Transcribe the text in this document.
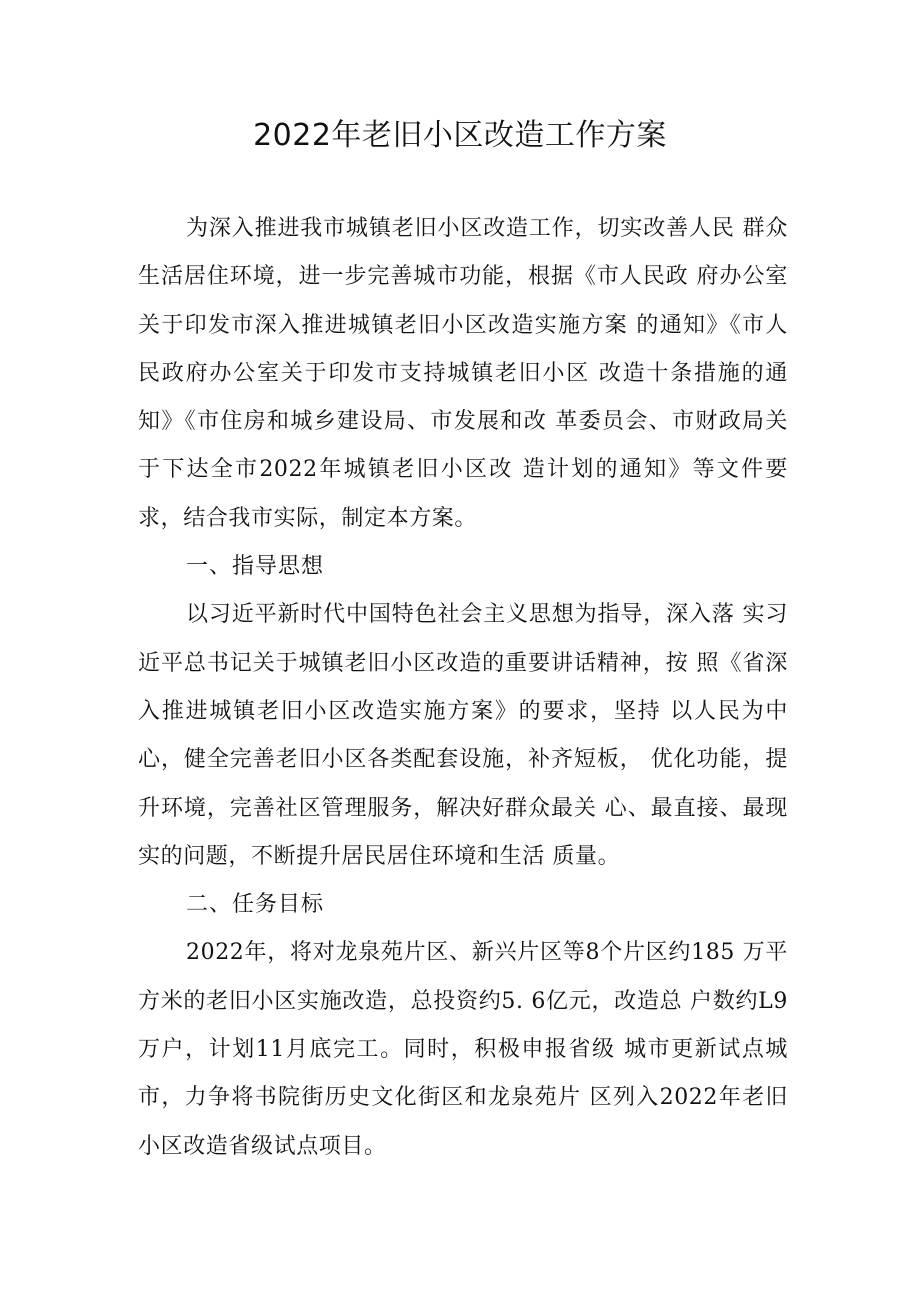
2022年老旧小区改造工作方案

为深入推进我市城镇老旧小区改造工作，切实改善人民 群众生活居住环境，进一步完善城市功能，根据《市人民政 府办公室关于印发市深入推进城镇老旧小区改造实施方案 的通知》《市人民政府办公室关于印发市支持城镇老旧小区 改造十条措施的通知》《市住房和城乡建设局、市发展和改 革委员会、市财政局关于下达全市2022年城镇老旧小区改 造计划的通知》等文件要求，结合我市实际，制定本方案。

一、指导思想

以习近平新时代中国特色社会主义思想为指导，深入落 实习近平总书记关于城镇老旧小区改造的重要讲话精神，按 照《省深入推进城镇老旧小区改造实施方案》的要求，坚持 以人民为中心，健全完善老旧小区各类配套设施，补齐短板， 优化功能，提升环境，完善社区管理服务，解决好群众最关 心、最直接、最现实的问题，不断提升居民居住环境和生活 质量。

二、任务目标

2022年，将对龙泉苑片区、新兴片区等8个片区约185 万平方米的老旧小区实施改造，总投资约5. 6亿元，改造总 户数约L9万户，计划11月底完工。同时，积极申报省级 城市更新试点城市，力争将书院街历史文化街区和龙泉苑片 区列入2022年老旧小区改造省级试点项目。
